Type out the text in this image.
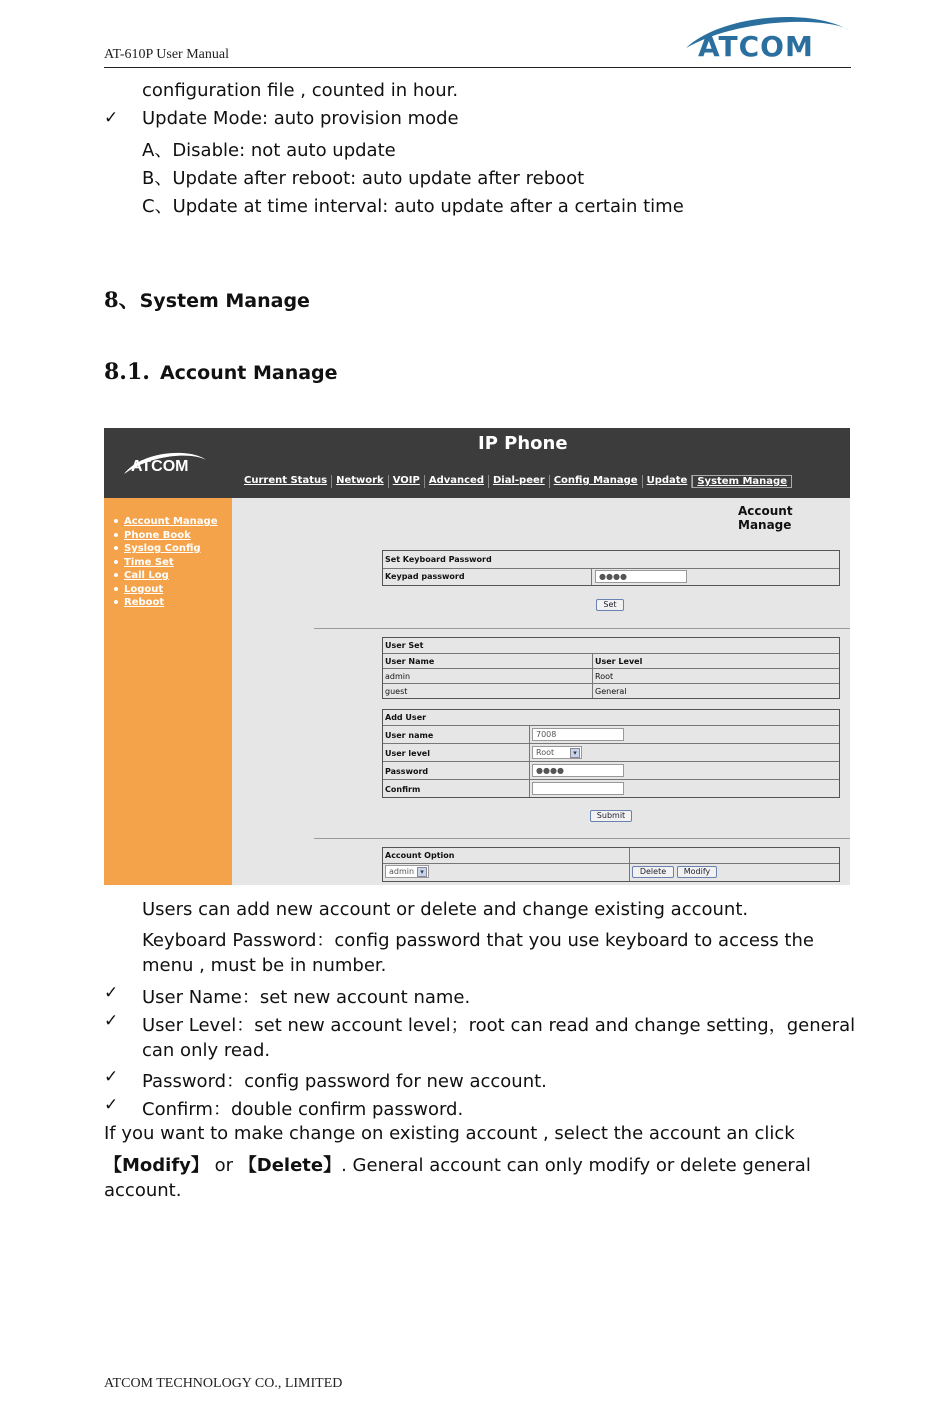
AT-610P User Manual	ATCOM
configuration file , counted in hour.
✓ Update Mode: auto provision mode
A、Disable: not auto update
B、Update after reboot: auto update after reboot
C、Update at time interval: auto update after a certain time
8、System Manage
8.1. Account Manage
IP Phone
ATCOM
Current Status Network VOIP Advanced Dial-peer Config Manage Update	System Manage
Account Manage
Phone Book
Syslog Config
Time Set
Call Log
Logout
Reboot
Account Manage
Set Keyboard Password
Keypad password	●●●●
Set
User Set
User Name	User Level
admin	Root
guest	General
Add User
User name	7008
User level	Root	▾
Password	●●●●
Confirm
Submit
Account Option
admin ▾	Delete	Modify
Users can add new account or delete and change existing account.
Keyboard Password：config password that you use keyboard to access the
menu , must be in number.
✓ User Name：set new account name.
✓ User Level：set new account level；root can read and change setting，general
can only read.
✓ Password：config password for new account.
✓ Confirm：double confirm password.
If you want to make change on existing account , select the account an click
【Modify】 or 【Delete】. General account can only modify or delete general
account.
ATCOM TECHNOLOGY CO., LIMITED
